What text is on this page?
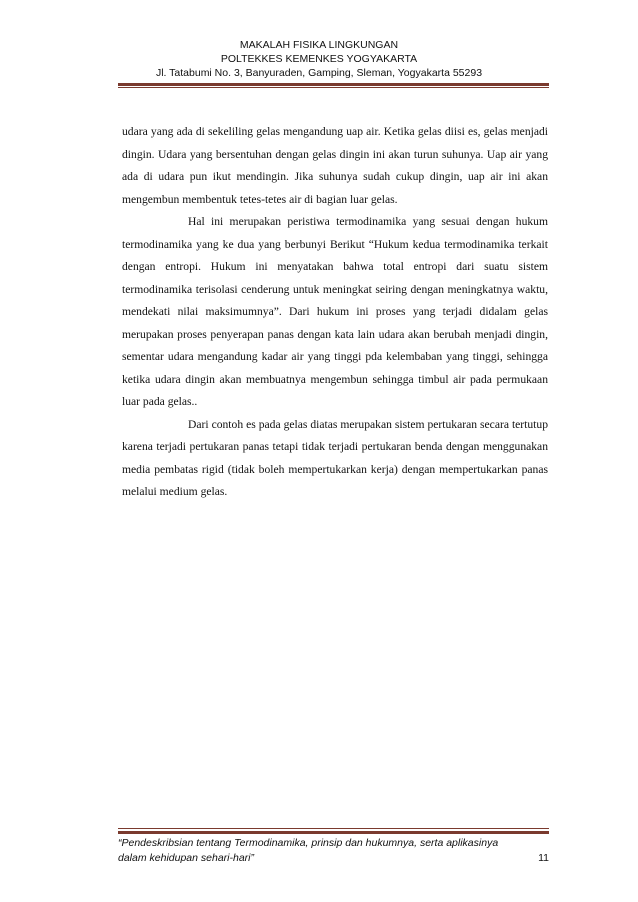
MAKALAH FISIKA LINGKUNGAN
POLTEKKES KEMENKES YOGYAKARTA
Jl. Tatabumi No. 3, Banyuraden, Gamping, Sleman, Yogyakarta 55293

udara yang ada di sekeliling gelas mengandung uap air. Ketika gelas diisi es, gelas menjadi dingin. Udara yang bersentuhan dengan gelas dingin ini akan turun suhunya. Uap air yang ada di udara pun ikut mendingin. Jika suhunya sudah cukup dingin, uap air ini akan mengembun membentuk tetes-tetes air di bagian luar gelas.

Hal ini merupakan peristiwa termodinamika yang sesuai dengan hukum termodinamika yang ke dua yang berbunyi Berikut “Hukum kedua termodinamika terkait dengan entropi. Hukum ini menyatakan bahwa total entropi dari suatu sistem termodinamika terisolasi cenderung untuk meningkat seiring dengan meningkatnya waktu, mendekati nilai maksimumnya”. Dari hukum ini proses yang terjadi didalam gelas merupakan proses penyerapan panas dengan kata lain udara akan berubah menjadi dingin, sementar udara mengandung kadar air yang tinggi pda kelembaban yang tinggi, sehingga ketika udara dingin akan membuatnya mengembun sehingga timbul air pada permukaan luar pada gelas..

Dari contoh es pada gelas diatas merupakan sistem pertukaran secara tertutup karena terjadi pertukaran panas tetapi tidak terjadi pertukaran benda dengan menggunakan media pembatas rigid (tidak boleh mempertukarkan kerja) dengan mempertukarkan panas melalui medium gelas.

“Pendeskribsian tentang Termodinamika, prinsip dan hukumnya, serta aplikasinya
dalam kehidupan sehari-hari”	11
